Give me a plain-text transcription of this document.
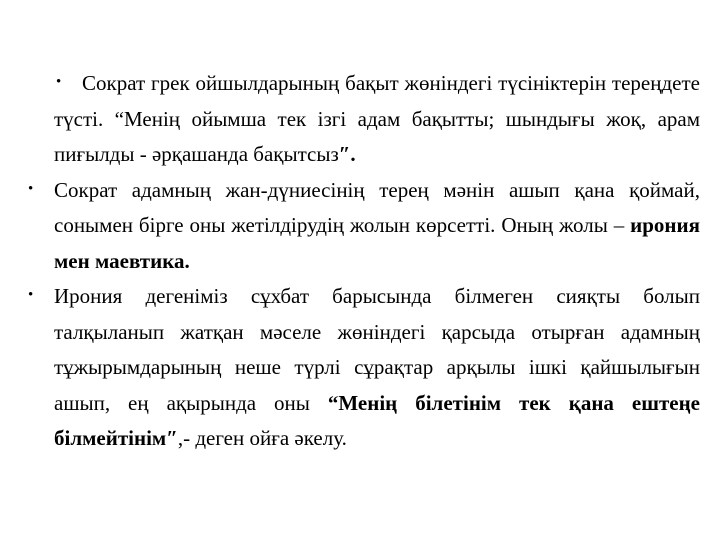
• Сократ грек ойшылдарының бақыт жөніндегі түсініктерін тереңдете түсті. “Менің ойымша тек ізгі адам бақытты; шындығы жоқ, арам пиғылды - әрқашанда бақытсыз″.
• Сократ адамның жан-дүниесінің терең мәнін ашып қана қоймай, сонымен бірге оны жетілдірудің жолын көрсетті. Оның жолы – ирония мен маевтика.
• Ирония дегеніміз сұхбат барысында білмеген сияқты болып талқыланып жатқан мәселе жөніндегі қарсыда отырған адамның тұжырымдарының неше түрлі сұрақтар арқылы ішкі қайшылығын ашып, ең ақырында оны “Менің білетінім тек қана ештеңе білмейтінім″,- деген ойға әкелу.
